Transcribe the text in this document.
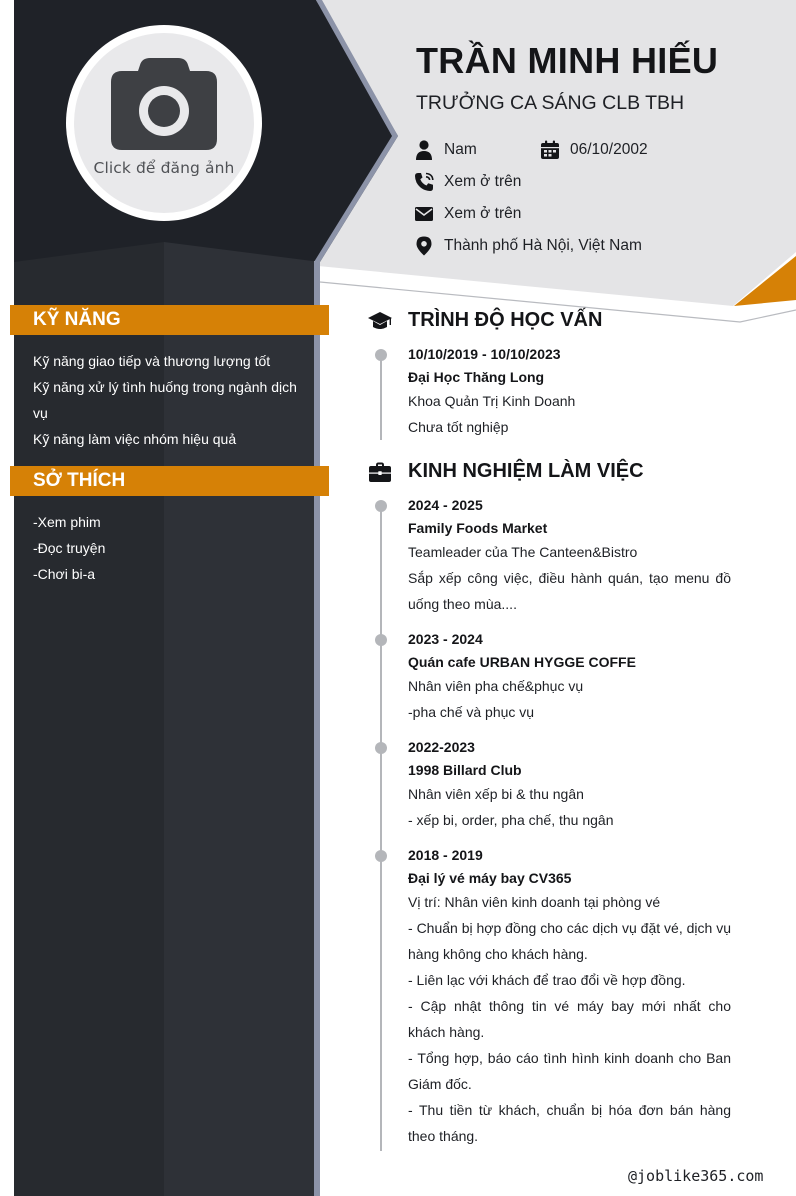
Click để đăng ảnh
TRẦN MINH HIẾU
TRƯỞNG CA SÁNG CLB TBH
Nam	06/10/2002
Xem ở trên
Xem ở trên
Thành phố Hà Nội, Việt Nam
KỸ NĂNG
Kỹ năng giao tiếp và thương lượng tốt
Kỹ năng xử lý tình huống trong ngành dịch vụ
Kỹ năng làm việc nhóm hiệu quả
SỞ THÍCH
-Xem phim
-Đọc truyện
-Chơi bi-a
TRÌNH ĐỘ HỌC VẤN
10/10/2019 - 10/10/2023
Đại Học Thăng Long
Khoa Quản Trị Kinh Doanh
Chưa tốt nghiệp
KINH NGHIỆM LÀM VIỆC
2024 - 2025
Family Foods Market
Teamleader của The Canteen&Bistro
Sắp xếp công việc, điều hành quán, tạo menu đồ uống theo mùa....
2023 - 2024
Quán cafe URBAN HYGGE COFFE
Nhân viên pha chế&phục vụ
-pha chế và phục vụ
2022-2023
1998 Billard Club
Nhân viên xếp bi & thu ngân
- xếp bi, order, pha chế, thu ngân
2018 - 2019
Đại lý vé máy bay CV365
Vị trí: Nhân viên kinh doanh tại phòng vé
- Chuẩn bị hợp đồng cho các dịch vụ đặt vé, dịch vụ hàng không cho khách hàng.
- Liên lạc với khách để trao đổi về hợp đồng.
- Cập nhật thông tin vé máy bay mới nhất cho khách hàng.
- Tổng hợp, báo cáo tình hình kinh doanh cho Ban Giám đốc.
- Thu tiền từ khách, chuẩn bị hóa đơn bán hàng theo tháng.
@joblike365.com
